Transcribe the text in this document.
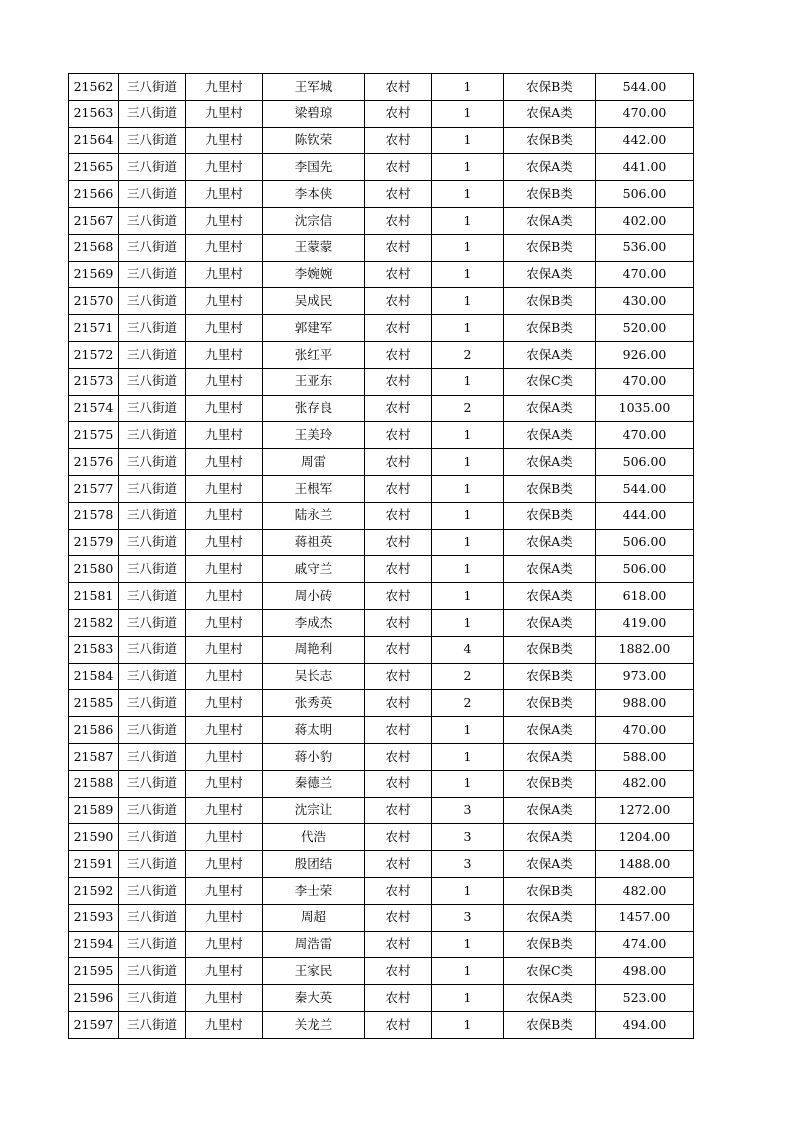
21562	三八街道	九里村	王军城	农村	1	农保B类	544.00
21563	三八街道	九里村	梁碧琼	农村	1	农保A类	470.00
21564	三八街道	九里村	陈钦荣	农村	1	农保B类	442.00
21565	三八街道	九里村	李国先	农村	1	农保A类	441.00
21566	三八街道	九里村	李本侠	农村	1	农保B类	506.00
21567	三八街道	九里村	沈宗信	农村	1	农保A类	402.00
21568	三八街道	九里村	王蒙蒙	农村	1	农保B类	536.00
21569	三八街道	九里村	李婉婉	农村	1	农保A类	470.00
21570	三八街道	九里村	吴成民	农村	1	农保B类	430.00
21571	三八街道	九里村	郭建军	农村	1	农保B类	520.00
21572	三八街道	九里村	张红平	农村	2	农保A类	926.00
21573	三八街道	九里村	王亚东	农村	1	农保C类	470.00
21574	三八街道	九里村	张存良	农村	2	农保A类	1035.00
21575	三八街道	九里村	王美玲	农村	1	农保A类	470.00
21576	三八街道	九里村	周雷	农村	1	农保A类	506.00
21577	三八街道	九里村	王根军	农村	1	农保B类	544.00
21578	三八街道	九里村	陆永兰	农村	1	农保B类	444.00
21579	三八街道	九里村	蒋祖英	农村	1	农保A类	506.00
21580	三八街道	九里村	戚守兰	农村	1	农保A类	506.00
21581	三八街道	九里村	周小砖	农村	1	农保A类	618.00
21582	三八街道	九里村	李成杰	农村	1	农保A类	419.00
21583	三八街道	九里村	周艳利	农村	4	农保B类	1882.00
21584	三八街道	九里村	吴长志	农村	2	农保B类	973.00
21585	三八街道	九里村	张秀英	农村	2	农保B类	988.00
21586	三八街道	九里村	蒋太明	农村	1	农保A类	470.00
21587	三八街道	九里村	蒋小豹	农村	1	农保A类	588.00
21588	三八街道	九里村	秦德兰	农村	1	农保B类	482.00
21589	三八街道	九里村	沈宗让	农村	3	农保A类	1272.00
21590	三八街道	九里村	代浩	农村	3	农保A类	1204.00
21591	三八街道	九里村	殷团结	农村	3	农保A类	1488.00
21592	三八街道	九里村	李士荣	农村	1	农保B类	482.00
21593	三八街道	九里村	周超	农村	3	农保A类	1457.00
21594	三八街道	九里村	周浩雷	农村	1	农保B类	474.00
21595	三八街道	九里村	王家民	农村	1	农保C类	498.00
21596	三八街道	九里村	秦大英	农村	1	农保A类	523.00
21597	三八街道	九里村	关龙兰	农村	1	农保B类	494.00
